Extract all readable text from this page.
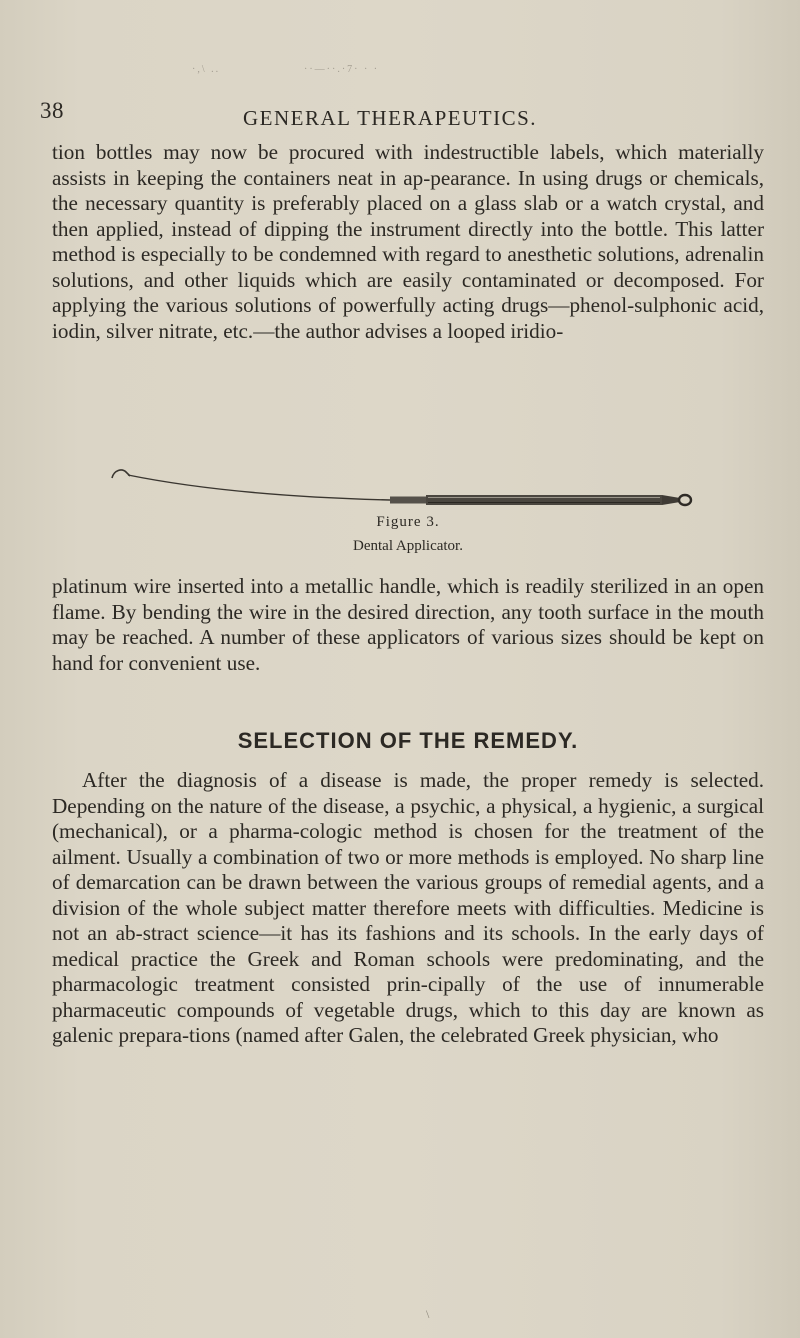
·,\ ..	··—··.·7· · ·
38	GENERAL THERAPEUTICS.

tion bottles may now be procured with indestructible labels, which materially assists in keeping the containers neat in ap-pearance. In using drugs or chemicals, the necessary quantity is preferably placed on a glass slab or a watch crystal, and then applied, instead of dipping the instrument directly into the bottle. This latter method is especially to be condemned with regard to anesthetic solutions, adrenalin solutions, and other liquids which are easily contaminated or decomposed. For applying the various solutions of powerfully acting drugs—phenol-sulphonic acid, iodin, silver nitrate, etc.—the author advises a looped iridio-

Figure 3.
Dental Applicator.

platinum wire inserted into a metallic handle, which is readily sterilized in an open flame. By bending the wire in the desired direction, any tooth surface in the mouth may be reached. A number of these applicators of various sizes should be kept on hand for convenient use.

SELECTION OF THE REMEDY.

After the diagnosis of a disease is made, the proper remedy is selected. Depending on the nature of the disease, a psychic, a physical, a hygienic, a surgical (mechanical), or a pharma-cologic method is chosen for the treatment of the ailment. Usually a combination of two or more methods is employed. No sharp line of demarcation can be drawn between the various groups of remedial agents, and a division of the whole subject matter therefore meets with difficulties. Medicine is not an ab-stract science—it has its fashions and its schools. In the early days of medical practice the Greek and Roman schools were predominating, and the pharmacologic treatment consisted prin-cipally of the use of innumerable pharmaceutic compounds of vegetable drugs, which to this day are known as galenic prepara-tions (named after Galen, the celebrated Greek physician, who

\
